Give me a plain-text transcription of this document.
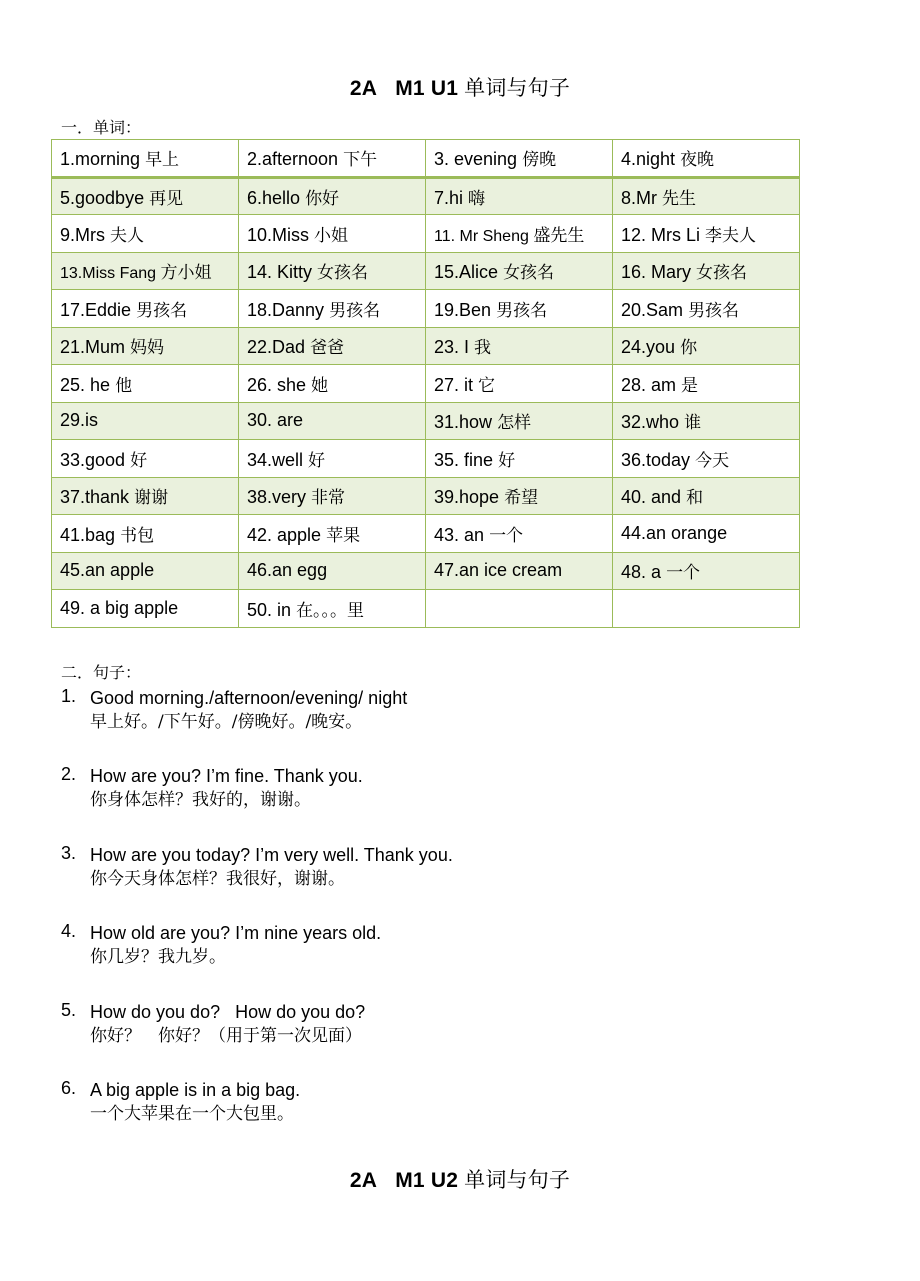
2A   M1 U1 单词与句子
一．单词：
1.morning 早上	2.afternoon 下午	3. evening 傍晚	4.night 夜晚
5.goodbye 再见	6.hello 你好	7.hi 嗨	8.Mr 先生
9.Mrs 夫人	10.Miss 小姐	11. Mr Sheng 盛先生	12. Mrs Li 李夫人
13.Miss Fang 方小姐	14. Kitty 女孩名	15.Alice 女孩名	16. Mary 女孩名
17.Eddie 男孩名	18.Danny 男孩名	19.Ben 男孩名	20.Sam 男孩名
21.Mum 妈妈	22.Dad 爸爸	23. I 我	24.you 你
25. he 他	26. she 她	27. it 它	28. am 是
29.is	30. are	31.how 怎样	32.who 谁
33.good 好	34.well 好	35. fine 好	36.today 今天
37.thank 谢谢	38.very 非常	39.hope 希望	40. and 和
41.bag 书包	42. apple 苹果	43. an 一个	44.an orange
45.an apple	46.an egg	47.an ice cream	48. a 一个
49. a big apple	50. in 在。。。里		
二．句子：
1. Good morning./afternoon/evening/ night
早上好。/下午好。/傍晚好。/晚安。
2. How are you? I’m fine. Thank you.
你身体怎样？我好的，谢谢。
3. How are you today? I’m very well. Thank you.
你今天身体怎样？我很好，谢谢。
4. How old are you? I’m nine years old.
你几岁？我九岁。
5. How do you do?   How do you do?
你好？　你好？（用于第一次见面）
6. A big apple is in a big bag.
一个大苹果在一个大包里。
2A   M1 U2 单词与句子
